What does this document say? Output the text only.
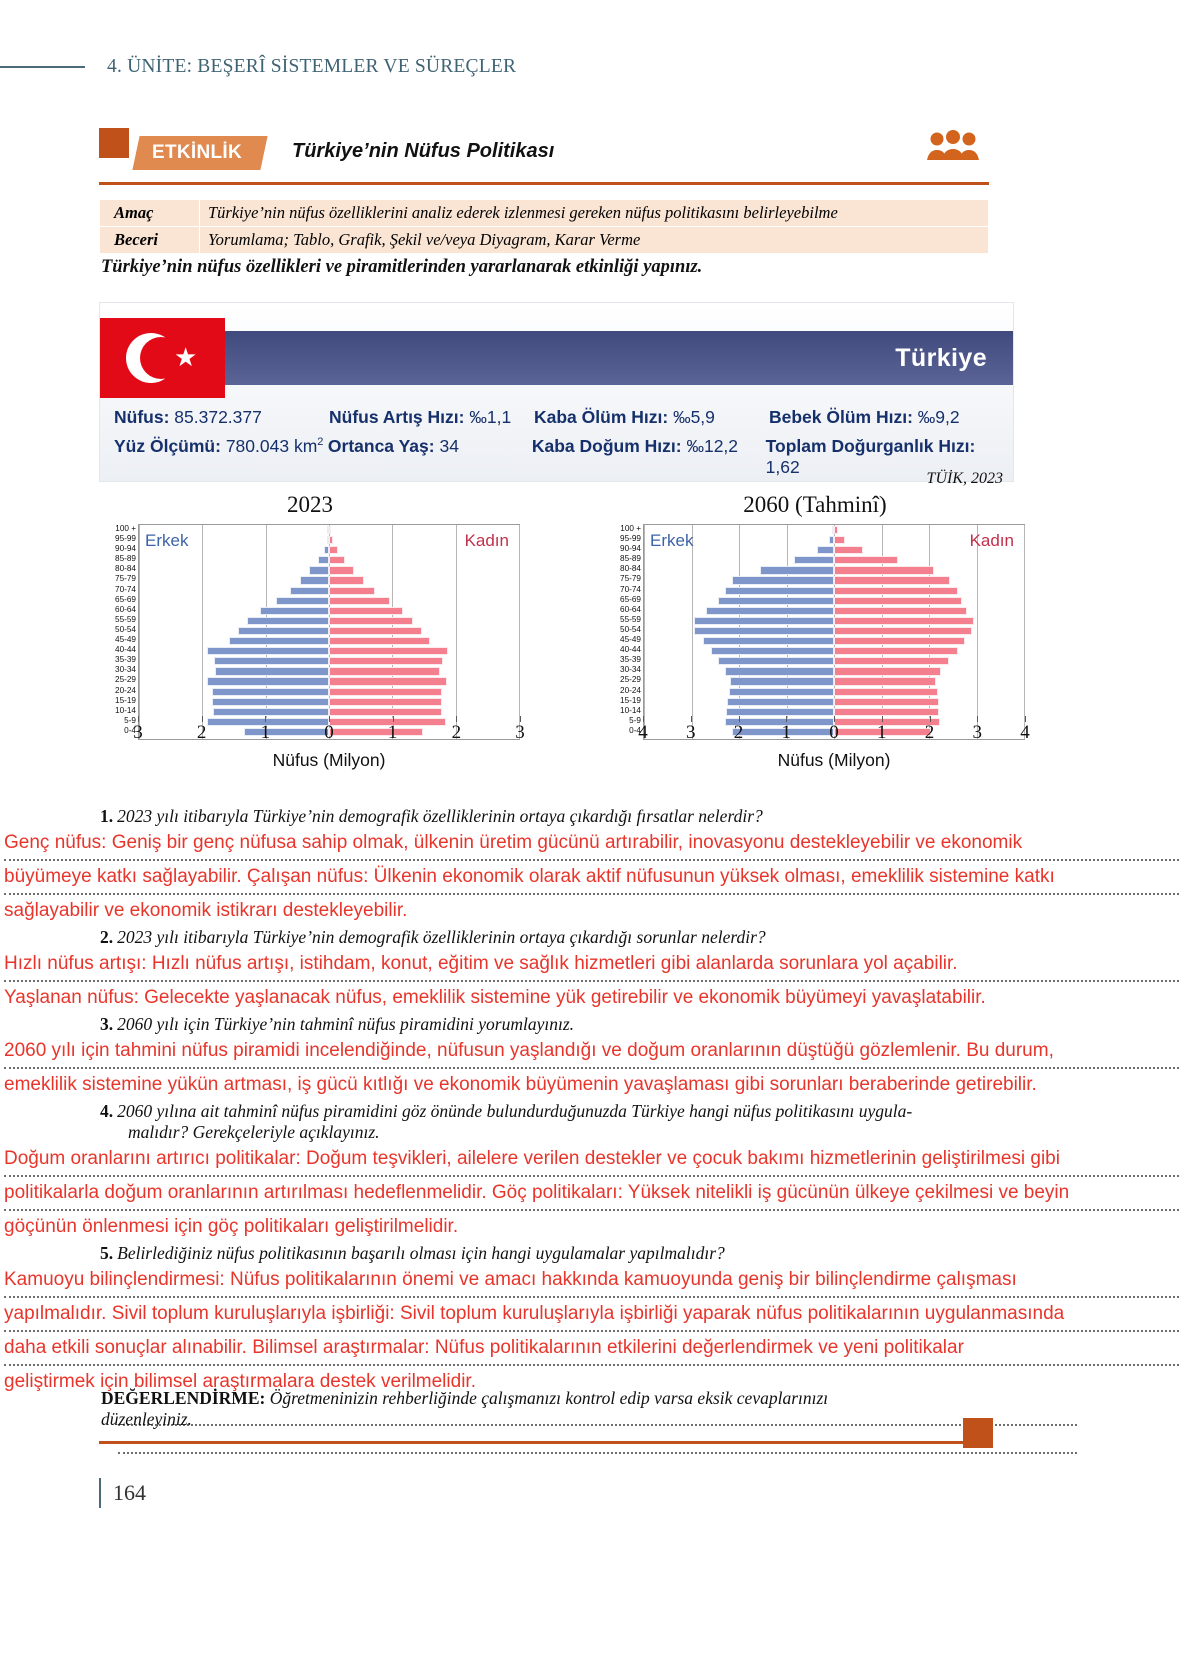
4. ÜNİTE: BEŞERÎ SİSTEMLER VE SÜREÇLER
ETKİNLİK	Türkiye’nin Nüfus Politikası
Amaç	Türkiye’nin nüfus özelliklerini analiz ederek izlenmesi gereken nüfus politikasını belirleyebilme
Beceri	Yorumlama; Tablo, Grafik, Şekil ve/veya Diyagram, Karar Verme
Türkiye’nin nüfus özellikleri ve piramitlerinden yararlanarak etkinliği yapınız.
★	Türkiye
Nüfus: 85.372.377	Nüfus Artış Hızı: ‰1,1	Kaba Ölüm Hızı: ‰5,9	Bebek Ölüm Hızı: ‰9,2
Yüz Ölçümü: 780.043 $km^2$ Ortanca Yaş: 34	Kaba Doğum Hızı: ‰12,2	Toplam Doğurganlık Hızı: 1,62
TÜİK, 2023
2023
100 +
95-99
90-94
85-89
80-84
75-79
70-74
65-69
60-64
55-59
50-54
45-49
40-44
35-39
30-34
25-29
20-24
15-19
10-14
5-9
0-4
Erkek	Kadın
3	2	1	0	1	2	3
Nüfus (Milyon)
2060 (Tahminî)
100 +
95-99
90-94
85-89
80-84
75-79
70-74
65-69
60-64
55-59
50-54
45-49
40-44
35-39
30-34
25-29
20-24
15-19
10-14
5-9
0-4
Erkek	Kadın
4 3 2 1 0 1 2 3 4
Nüfus (Milyon)
1. 2023 yılı itibarıyla Türkiye’nin demografik özelliklerinin ortaya çıkardığı fırsatlar nelerdir?
Genç nüfus: Geniş bir genç nüfusa sahip olmak, ülkenin üretim gücünü artırabilir, inovasyonu destekleyebilir ve ekonomik
büyümeye katkı sağlayabilir. Çalışan nüfus: Ülkenin ekonomik olarak aktif nüfusunun yüksek olması, emeklilik sistemine katkı
sağlayabilir ve ekonomik istikrarı destekleyebilir.
2. 2023 yılı itibarıyla Türkiye’nin demografik özelliklerinin ortaya çıkardığı sorunlar nelerdir?
Hızlı nüfus artışı: Hızlı nüfus artışı, istihdam, konut, eğitim ve sağlık hizmetleri gibi alanlarda sorunlara yol açabilir.
Yaşlanan nüfus: Gelecekte yaşlanacak nüfus, emeklilik sistemine yük getirebilir ve ekonomik büyümeyi yavaşlatabilir.
3. 2060 yılı için Türkiye’nin tahminî nüfus piramidini yorumlayınız.
2060 yılı için tahmini nüfus piramidi incelendiğinde, nüfusun yaşlandığı ve doğum oranlarının düştüğü gözlemlenir. Bu durum,
emeklilik sistemine yükün artması, iş gücü kıtlığı ve ekonomik büyümenin yavaşlaması gibi sorunları beraberinde getirebilir.
4. 2060 yılına ait tahminî nüfus piramidini göz önünde bulundurduğunuzda Türkiye hangi nüfus politikasını uygula-
malıdır? Gerekçeleriyle açıklayınız.
Doğum oranlarını artırıcı politikalar: Doğum teşvikleri, ailelere verilen destekler ve çocuk bakımı hizmetlerinin geliştirilmesi gibi
politikalarla doğum oranlarının artırılması hedeflenmelidir. Göç politikaları: Yüksek nitelikli iş gücünün ülkeye çekilmesi ve beyin
göçünün önlenmesi için göç politikaları geliştirilmelidir.
5. Belirlediğiniz nüfus politikasının başarılı olması için hangi uygulamalar yapılmalıdır?
Kamuoyu bilinçlendirmesi: Nüfus politikalarının önemi ve amacı hakkında kamuoyunda geniş bir bilinçlendirme çalışması
yapılmalıdır. Sivil toplum kuruluşlarıyla işbirliği: Sivil toplum kuruluşlarıyla işbirliği yaparak nüfus politikalarının uygulanmasında
daha etkili sonuçlar alınabilir. Bilimsel araştırmalar: Nüfus politikalarının etkilerini değerlendirmek ve yeni politikalar
geliştirmek için bilimsel araştırmalara destek verilmelidir.
DEĞERLENDİRME: Öğretmeninizin rehberliğinde çalışmanızı kontrol edip varsa eksik cevaplarınızı
düzenleyiniz.
164
